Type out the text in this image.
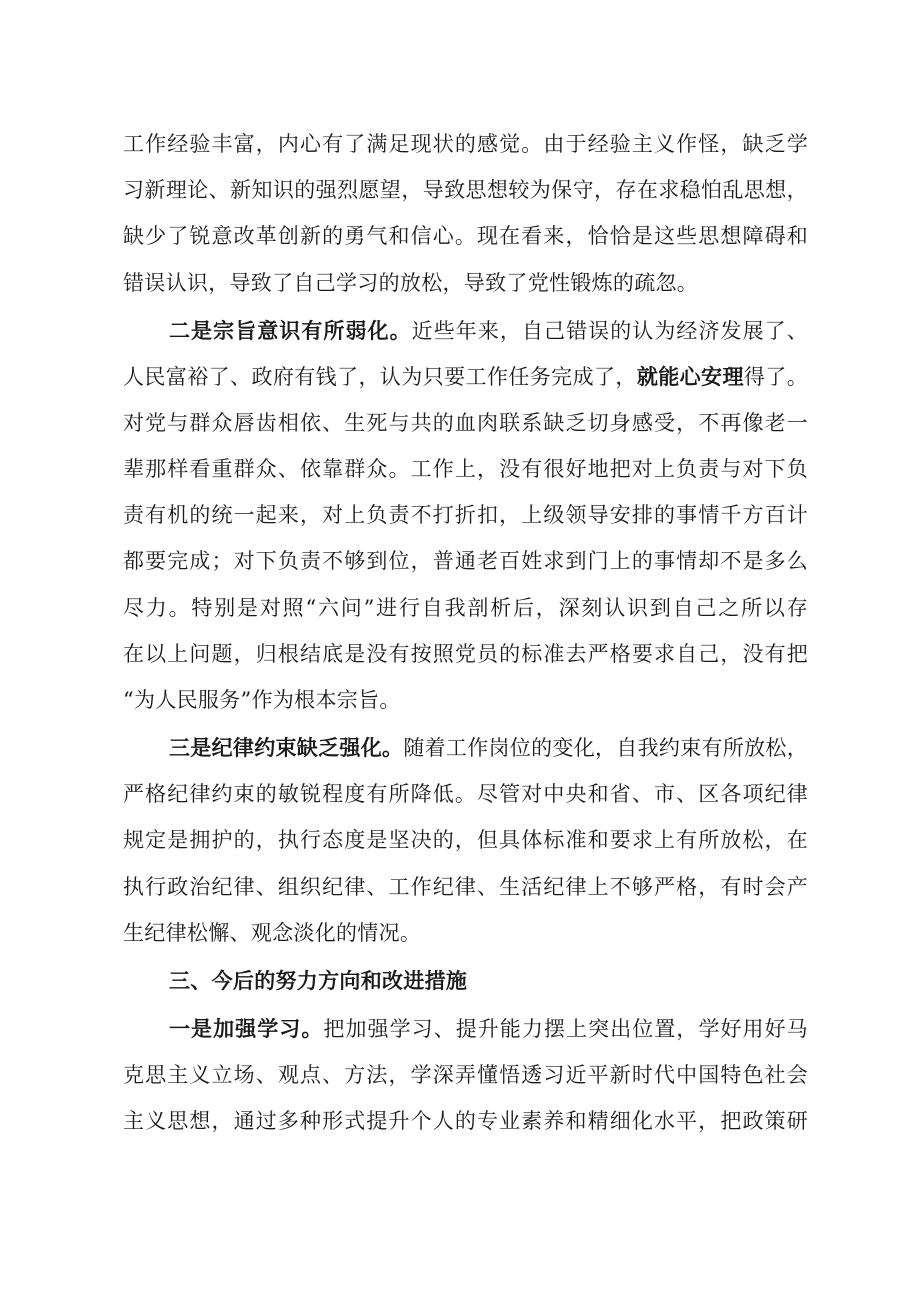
工作经验丰富，内心有了满足现状的感觉。由于经验主义作怪，缺乏学
习新理论、新知识的强烈愿望，导致思想较为保守，存在求稳怕乱思想，
缺少了锐意改革创新的勇气和信心。现在看来，恰恰是这些思想障碍和
错误认识，导致了自己学习的放松，导致了党性锻炼的疏忽。
二是宗旨意识有所弱化。近些年来，自己错误的认为经济发展了、
人民富裕了、政府有钱了，认为只要工作任务完成了，就能心安理得了。
对党与群众唇齿相依、生死与共的血肉联系缺乏切身感受，不再像老一
辈那样看重群众、依靠群众。工作上，没有很好地把对上负责与对下负
责有机的统一起来，对上负责不打折扣，上级领导安排的事情千方百计
都要完成；对下负责不够到位，普通老百姓求到门上的事情却不是多么
尽力。特别是对照“六问”进行自我剖析后，深刻认识到自己之所以存
在以上问题，归根结底是没有按照党员的标准去严格要求自己，没有把
“为人民服务”作为根本宗旨。
三是纪律约束缺乏强化。随着工作岗位的变化，自我约束有所放松，
严格纪律约束的敏锐程度有所降低。尽管对中央和省、市、区各项纪律
规定是拥护的，执行态度是坚决的，但具体标准和要求上有所放松，在
执行政治纪律、组织纪律、工作纪律、生活纪律上不够严格，有时会产
生纪律松懈、观念淡化的情况。
三、今后的努力方向和改进措施
一是加强学习。把加强学习、提升能力摆上突出位置，学好用好马
克思主义立场、观点、方法，学深弄懂悟透习近平新时代中国特色社会
主义思想，通过多种形式提升个人的专业素养和精细化水平，把政策研
